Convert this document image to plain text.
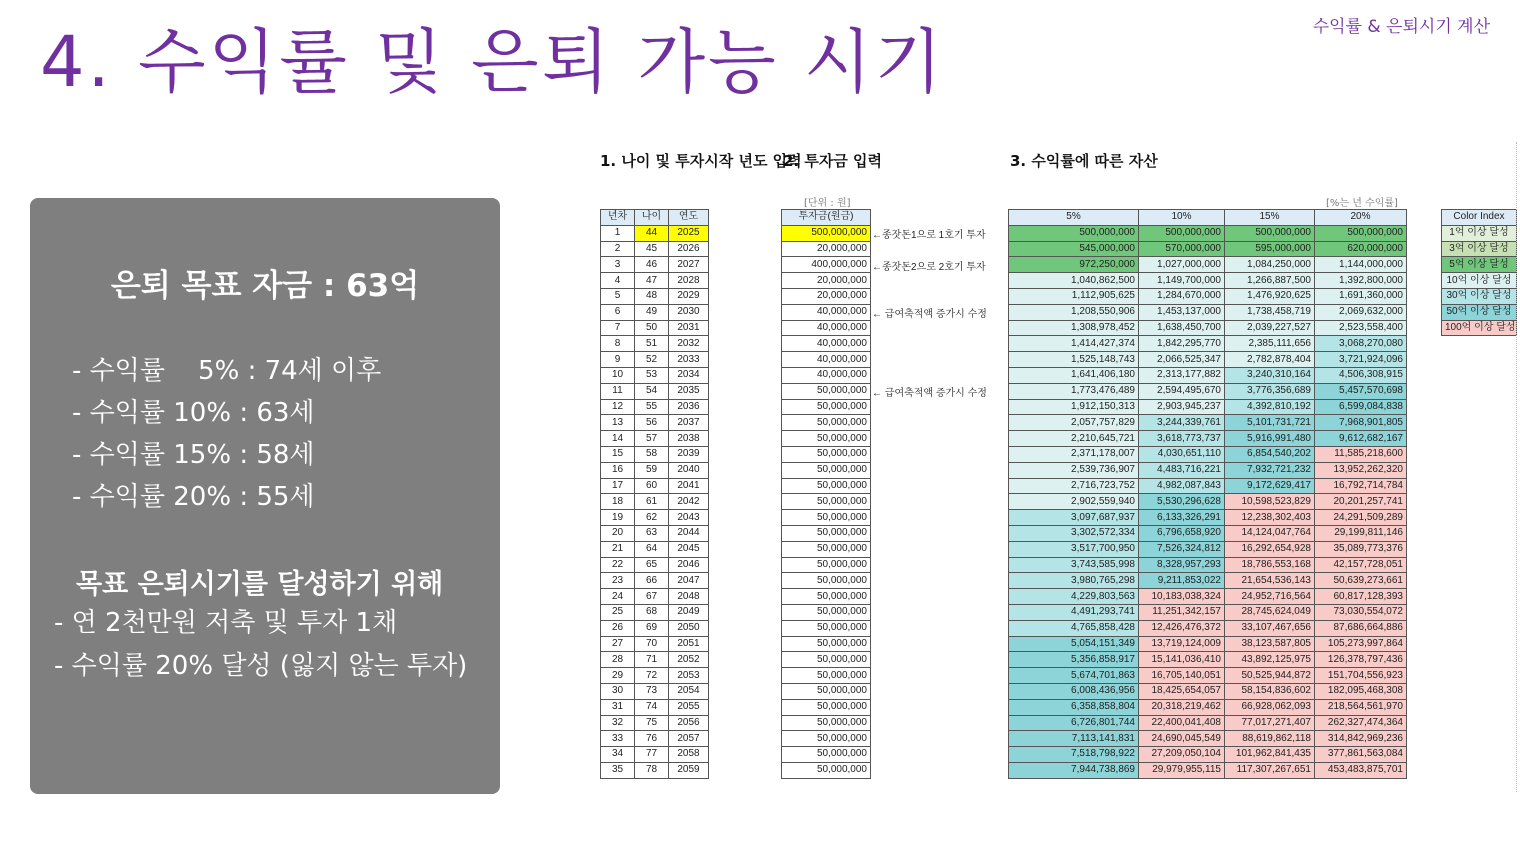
수익률 & 은퇴시기 계산
4. 수익률 및 은퇴 가능 시기
은퇴 목표 자금 : 63억
- 수익률    5% : 74세 이후
- 수익률 10% : 63세
- 수익률 15% : 58세
- 수익률 20% : 55세
목표 은퇴시기를 달성하기 위해
- 연 2천만원 저축 및 투자 1채
- 수익률 20% 달성 (잃지 않는 투자)
1. 나이 및 투자시작 년도 입력
2. 투자금 입력	3. 수익률에 따른 자산
[단위 : 원]	[%는 년 수익률]
년차	나이	연도
1	44	2025
2	45	2026
3	46	2027
4	47	2028
5	48	2029
6	49	2030
7	50	2031
8	51	2032
9	52	2033
10	53	2034
11	54	2035
12	55	2036
13	56	2037
14	57	2038
15	58	2039
16	59	2040
17	60	2041
18	61	2042
19	62	2043
20	63	2044
21	64	2045
22	65	2046
23	66	2047
24	67	2048
25	68	2049
26	69	2050
27	70	2051
28	71	2052
29	72	2053
30	73	2054
31	74	2055
32	75	2056
33	76	2057
34	77	2058
35	78	2059
투자금(원금)
500,000,000
20,000,000
400,000,000
20,000,000
20,000,000
40,000,000
40,000,000
40,000,000
40,000,000
40,000,000
50,000,000
50,000,000
50,000,000
50,000,000
50,000,000
50,000,000
50,000,000
50,000,000
50,000,000
50,000,000
50,000,000
50,000,000
50,000,000
50,000,000
50,000,000
50,000,000
50,000,000
50,000,000
50,000,000
50,000,000
50,000,000
50,000,000
50,000,000
50,000,000
50,000,000
←종잣돈1으로 1호기 투자
←종잣돈2으로 2호기 투자
← 급여축적액 증가시 수정
← 급여축적액 증가시 수정
5%	10%	15%	20%
500,000,000	500,000,000	500,000,000	500,000,000
545,000,000	570,000,000	595,000,000	620,000,000
972,250,000	1,027,000,000	1,084,250,000	1,144,000,000
1,040,862,500	1,149,700,000	1,266,887,500	1,392,800,000
1,112,905,625	1,284,670,000	1,476,920,625	1,691,360,000
1,208,550,906	1,453,137,000	1,738,458,719	2,069,632,000
1,308,978,452	1,638,450,700	2,039,227,527	2,523,558,400
1,414,427,374	1,842,295,770	2,385,111,656	3,068,270,080
1,525,148,743	2,066,525,347	2,782,878,404	3,721,924,096
1,641,406,180	2,313,177,882	3,240,310,164	4,506,308,915
1,773,476,489	2,594,495,670	3,776,356,689	5,457,570,698
1,912,150,313	2,903,945,237	4,392,810,192	6,599,084,838
2,057,757,829	3,244,339,761	5,101,731,721	7,968,901,805
2,210,645,721	3,618,773,737	5,916,991,480	9,612,682,167
2,371,178,007	4,030,651,110	6,854,540,202	11,585,218,600
2,539,736,907	4,483,716,221	7,932,721,232	13,952,262,320
2,716,723,752	4,982,087,843	9,172,629,417	16,792,714,784
2,902,559,940	5,530,296,628	10,598,523,829	20,201,257,741
3,097,687,937	6,133,326,291	12,238,302,403	24,291,509,289
3,302,572,334	6,796,658,920	14,124,047,764	29,199,811,146
3,517,700,950	7,526,324,812	16,292,654,928	35,089,773,376
3,743,585,998	8,328,957,293	18,786,553,168	42,157,728,051
3,980,765,298	9,211,853,022	21,654,536,143	50,639,273,661
4,229,803,563	10,183,038,324	24,952,716,564	60,817,128,393
4,491,293,741	11,251,342,157	28,745,624,049	73,030,554,072
4,765,858,428	12,426,476,372	33,107,467,656	87,686,664,886
5,054,151,349	13,719,124,009	38,123,587,805	105,273,997,864
5,356,858,917	15,141,036,410	43,892,125,975	126,378,797,436
5,674,701,863	16,705,140,051	50,525,944,872	151,704,556,923
6,008,436,956	18,425,654,057	58,154,836,602	182,095,468,308
6,358,858,804	20,318,219,462	66,928,062,093	218,564,561,970
6,726,801,744	22,400,041,408	77,017,271,407	262,327,474,364
7,113,141,831	24,690,045,549	88,619,862,118	314,842,969,236
7,518,798,922	27,209,050,104	101,962,841,435	377,861,563,084
7,944,738,869	29,979,955,115	117,307,267,651	453,483,875,701
Color Index
1억 이상 달성
3억 이상 달성
5억 이상 달성
10억 이상 달성
30억 이상 달성
50억 이상 달성
100억 이상 달성
